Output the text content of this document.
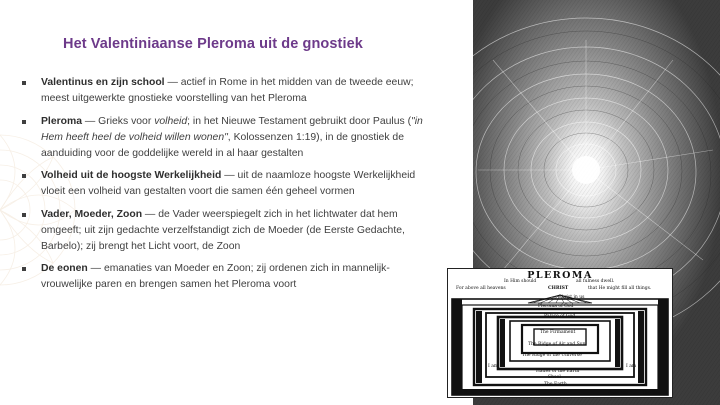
Het Valentiniaanse Pleroma uit de gnostiek
Valentinus en zijn school — actief in Rome in het midden van de tweede eeuw; meest uitgewerkte gnostieke voorstelling van het Pleroma
Pleroma — Grieks voor volheid; in het Nieuwe Testament gebruikt door Paulus ("in Hem heeft heel de volheid willen wonen", Kolossenzen 1:19), in de gnostiek de aanduiding voor de goddelijke wereld in al haar gestalten
Volheid uit de hoogste Werkelijkheid — uit de naamloze hoogste Werkelijkheid vloeit een volheid van gestalten voort die samen één geheel vormen
Vader, Moeder, Zoon — de Vader weerspiegelt zich in het lichtwater dat hem omgeeft; uit zijn gedachte verzelfstandigt zich de Moeder (de Eerste Gedachte, Barbelo); zij brengt het Licht voort, de Zoon
De eonen — emanaties van Moeder en Zoon; zij ordenen zich in mannelijk-vrouwelijke paren en brengen samen het Pleroma voort
PLEROMA
In Him should	all fulness dwell.
For above all heavens	CHRIST	that He might fill all things.
Christ in us
Pleroma of God
Palace of God
The Firmament
The Ridge of Air and Sun
The Ridge of the Universe
I am	I am
Hades of the Earth
Sheol
The Earth
The Deep	Apes bright	Apes sea	The Sea
